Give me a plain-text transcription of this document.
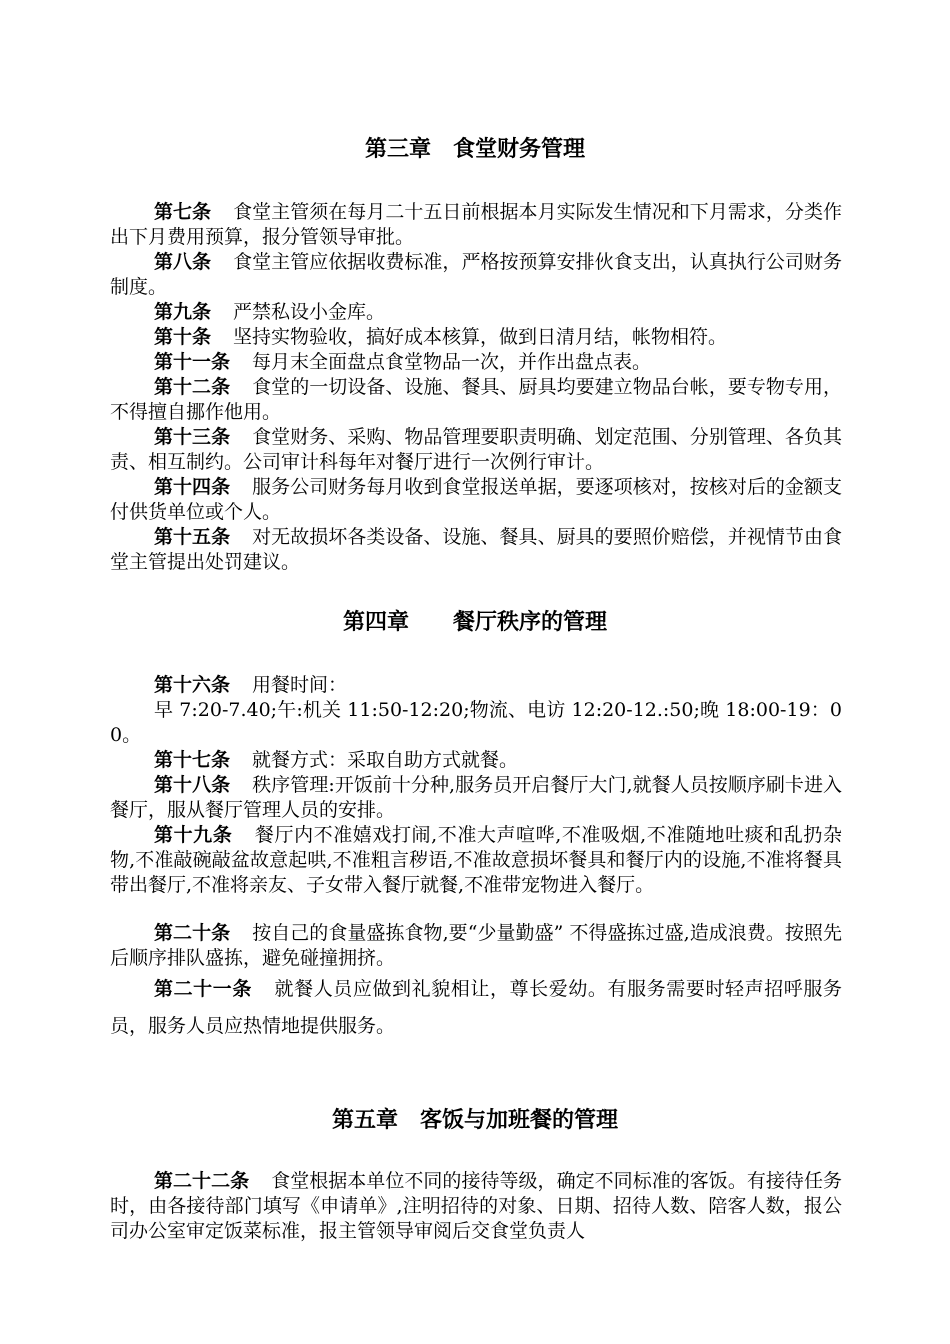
第三章　食堂财务管理
第七条 食堂主管须在每月二十五日前根据本月实际发生情况和下月需求，分类作出下月费用预算，报分管领导审批。
第八条 食堂主管应依据收费标准，严格按预算安排伙食支出，认真执行公司财务制度。
第九条 严禁私设小金库。
第十条 坚持实物验收，搞好成本核算，做到日清月结，帐物相符。
第十一条 每月末全面盘点食堂物品一次，并作出盘点表。
第十二条 食堂的一切设备、设施、餐具、厨具均要建立物品台帐，要专物专用，不得擅自挪作他用。
第十三条 食堂财务、采购、物品管理要职责明确、划定范围、分别管理、各负其责、相互制约。公司审计科每年对餐厅进行一次例行审计。
第十四条 服务公司财务每月收到食堂报送单据，要逐项核对，按核对后的金额支付供货单位或个人。
第十五条 对无故损坏各类设备、设施、餐具、厨具的要照价赔偿，并视情节由食堂主管提出处罚建议。
第四章　　餐厅秩序的管理
第十六条 用餐时间：
早 7:20-7.40;午:机关 11:50-12:20;物流、电访 12:20-12.:50;晚 18:00-19：00。
第十七条 就餐方式：采取自助方式就餐。
第十八条 秩序管理:开饭前十分种,服务员开启餐厅大门,就餐人员按顺序刷卡进入餐厅，服从餐厅管理人员的安排。
第十九条 餐厅内不准嬉戏打闹,不准大声喧哗,不准吸烟,不准随地吐痰和乱扔杂物,不准敲碗敲盆故意起哄,不准粗言秽语,不准故意损坏餐具和餐厅内的设施,不准将餐具带出餐厅,不准将亲友、子女带入餐厅就餐,不准带宠物进入餐厅。
第二十条 按自己的食量盛拣食物,要“少量勤盛” 不得盛拣过盛,造成浪费。按照先后顺序排队盛拣，避免碰撞拥挤。
第二十一条 就餐人员应做到礼貌相让，尊长爱幼。有服务需要时轻声招呼服务员，服务人员应热情地提供服务。
第五章　客饭与加班餐的管理
第二十二条 食堂根据本单位不同的接待等级，确定不同标准的客饭。有接待任务时，由各接待部门填写《申请单》,注明招待的对象、日期、招待人数、陪客人数，报公司办公室审定饭菜标准，报主管领导审阅后交食堂负责人
